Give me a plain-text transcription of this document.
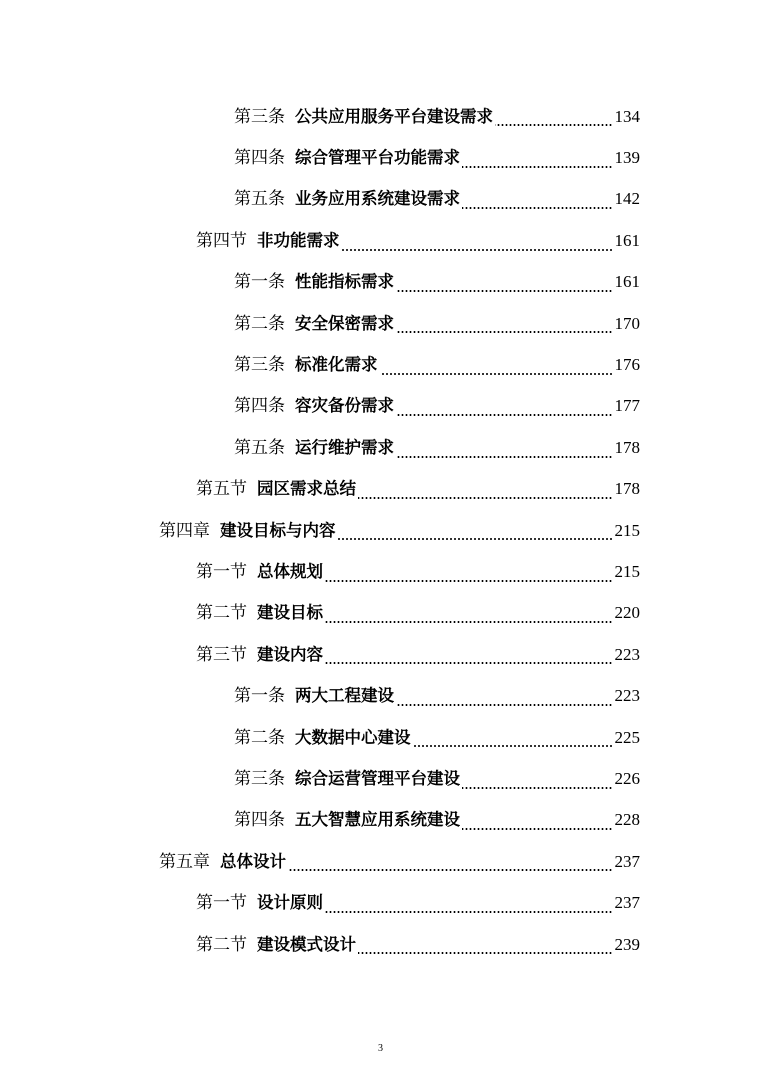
第三条 公共应用服务平台建设需求	134
第四条 综合管理平台功能需求	139
第五条 业务应用系统建设需求	142
第四节 非功能需求	161
第一条 性能指标需求	161
第二条 安全保密需求	170
第三条 标准化需求	176
第四条 容灾备份需求	177
第五条 运行维护需求	178
第五节 园区需求总结	178
第四章 建设目标与内容	215
第一节 总体规划	215
第二节 建设目标	220
第三节 建设内容	223
第一条 两大工程建设	223
第二条 大数据中心建设	225
第三条 综合运营管理平台建设	226
第四条 五大智慧应用系统建设	228
第五章 总体设计	237
第一节 设计原则	237
第二节 建设模式设计	239
3
